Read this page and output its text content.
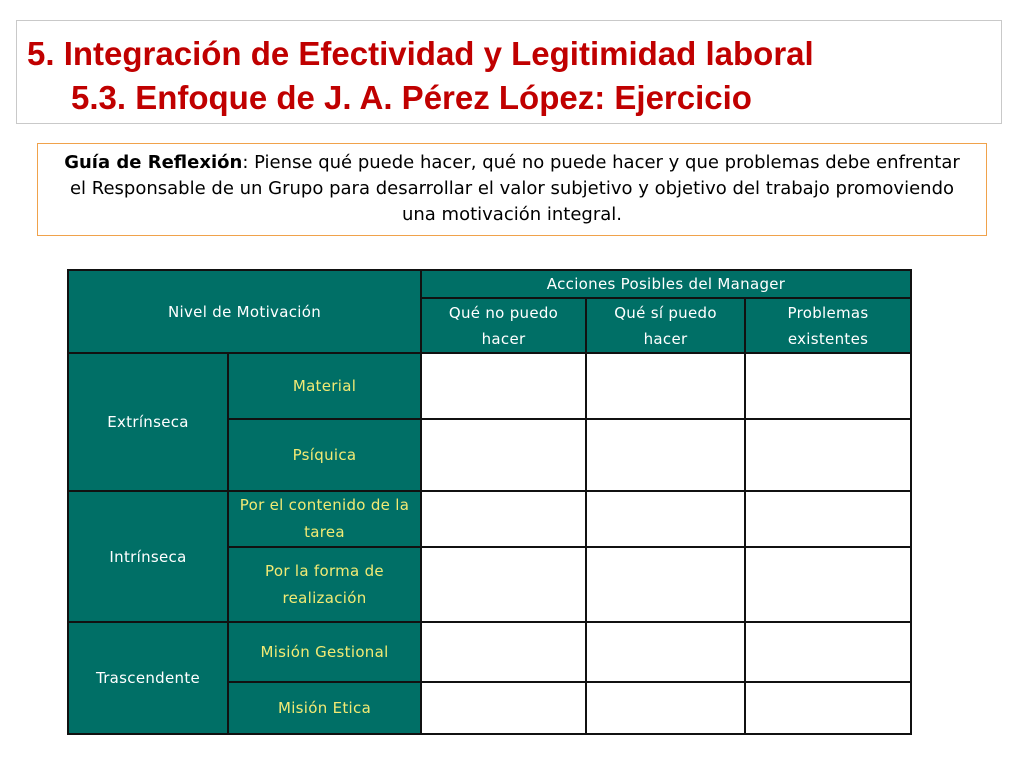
5. Integración de Efectividad y Legitimidad laboral
5.3. Enfoque de J. A. Pérez López: Ejercicio
Guía de Reflexión: Piense qué puede hacer, qué no puede hacer y que problemas debe enfrentar el Responsable de un Grupo para desarrollar el valor subjetivo y objetivo del trabajo promoviendo una motivación integral.
Nivel de Motivación		Acciones Posibles del Manager		
		Qué no puedo hacer	Qué sí puedo hacer	Problemas existentes
Extrínseca	Material			
	Psíquica			
Intrínseca	Por el contenido de la tarea			
	Por la forma de realización			
Trascendente	Misión Gestional			
	Misión Etica			
